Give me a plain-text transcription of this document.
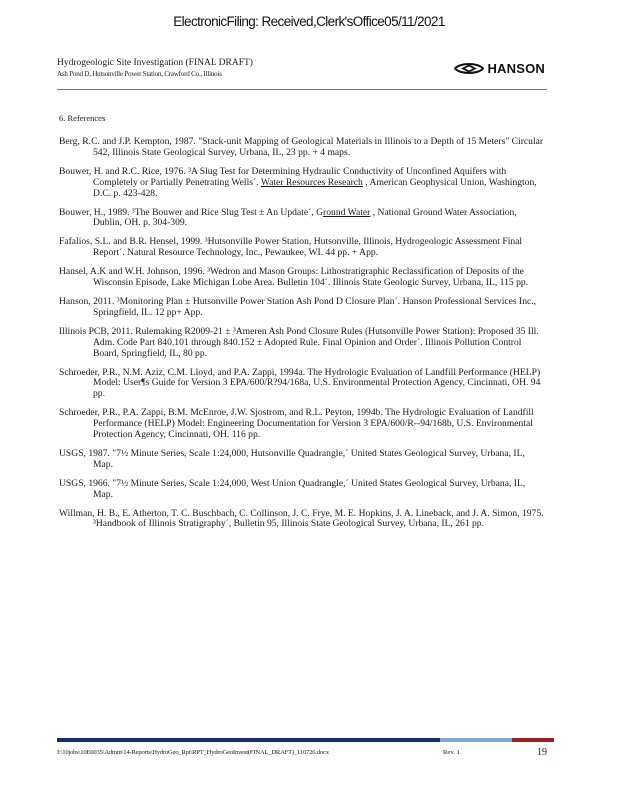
ElectronicFiling: Received,Clerk'sOffice05/11/2021
Hydrogeologic Site Investigation (FINAL DRAFT)
Ash Pond D, Hutsonville Power Station, Crawford Co., Illinois	HANSON
6. References
Berg, R.C. and J.P. Kempton, 1987. "Stack-unit Mapping of Geological Materials in Illinois to a Depth of 15 Meters" Circular 542, Illinois State Geological Survey, Urbana, IL, 23 pp. + 4 maps.
Bouwer, H. and R.C. Rice, 1976. ³A Slug Test for Determining Hydraulic Conductivity of Unconfined Aquifers with Completely or Partially Penetrating Wells´. Water Resources Research , American Geophysical Union, Washington, D.C. p. 423-428.
Bouwer, H., 1989. ³The Bouwer and Rice Slug Test ± An Update´, Ground Water , National Ground Water Association, Dublin, OH. p. 304-309.
Fafalios, S.L. and B.R. Hensel, 1999. ³Hutsonville Power Station, Hutsonville, Illinois, Hydrogeologic Assessment Final Report´. Natural Resource Technology, Inc., Pewaukee, WI. 44 pp. + App.
Hansel, A.K and W.H. Johnson, 1996. ³Wedron and Mason Groups: Lithostratigraphic Reclassification of Deposits of the Wisconsin Episode, Lake Michigan Lobe Area. Bulletin 104´. Illinois State Geologic Survey, Urbana, IL, 115 pp.
Hanson, 2011. ³Monitoring Plan ± Hutsonville Power Station Ash Pond D Closure Plan´. Hanson Professional Services Inc., Springfield, IL. 12 pp+ App.
Illinois PCB, 2011. Rulemaking R2009-21 ± ³Ameren Ash Pond Closure Rules (Hutsonville Power Station): Proposed 35 Ill. Adm. Code Part 840.101 through 840.152 ± Adopted Rule. Final Opinion and Order´. Illinois Pollution Control Board, Springfield, IL, 80 pp.
Schroeder, P.R., N.M. Aziz, C.M. Lloyd, and P.A. Zappi, 1994a. The Hydrologic Evaluation of Landfill Performance (HELP) Model: User¶s Guide for Version 3 EPA/600/R?94/168a, U.S. Environmental Protection Agency, Cincinnati, OH. 94 pp.
Schroeder, P.R., P.A. Zappi, B.M. McEnroe, J.W. Sjostrom, and R.L. Peyton, 1994b. The Hydrologic Evaluation of Landfill Performance (HELP) Model: Engineering Documentation for Version 3 EPA/600/R--94/168b, U.S. Environmental Protection Agency, Cincinnati, OH. 116 pp.
USGS, 1987. "7½ Minute Series, Scale 1:24,000, Hutsonville Quadrangle,´ United States Geological Survey, Urbana, IL, Map.
USGS, 1966. "7½ Minute Series, Scale 1:24,000, West Union Quadrangle,´ United States Geological Survey, Urbana, IL, Map.
Willman, H. B., E. Atherton, T. C. Buschbach, C. Collinson, J. C. Frye, M. E. Hopkins, J. A. Lineback, and J. A. Simon, 1975. ³Handbook of Illinois Stratigraphy´, Bulletin 95, Illinois State Geological Survey, Urbana, IL, 261 pp.
I:\10jobs\10E0035\Admin\14-Reports\HydroGeo_Rpt\RPT_HydroGeoInvest(FINAL_DRAFT)_110726.docx	Rev. 1	19
